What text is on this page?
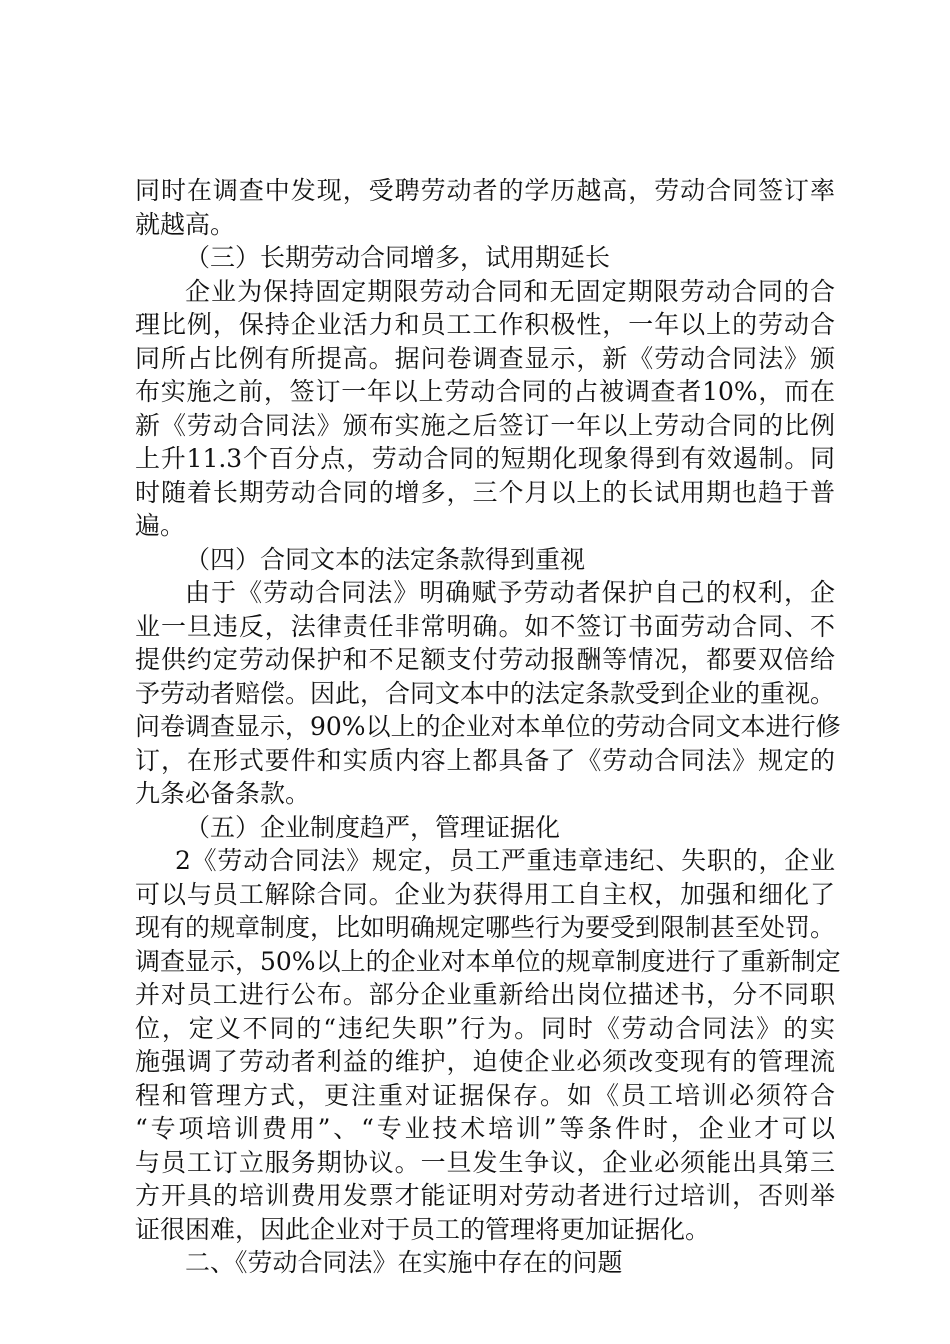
同时在调查中发现，受聘劳动者的学历越高，劳动合同签订率
就越高。
（三）长期劳动合同增多，试用期延长
企业为保持固定期限劳动合同和无固定期限劳动合同的合
理比例，保持企业活力和员工工作积极性，一年以上的劳动合
同所占比例有所提高。据问卷调查显示，新《劳动合同法》颁
布实施之前，签订一年以上劳动合同的占被调查者10%，而在
新《劳动合同法》颁布实施之后签订一年以上劳动合同的比例
上升11.3个百分点，劳动合同的短期化现象得到有效遏制。同
时随着长期劳动合同的增多，三个月以上的长试用期也趋于普
遍。
（四）合同文本的法定条款得到重视
由于《劳动合同法》明确赋予劳动者保护自己的权利，企
业一旦违反，法律责任非常明确。如不签订书面劳动合同、不
提供约定劳动保护和不足额支付劳动报酬等情况，都要双倍给
予劳动者赔偿。因此，合同文本中的法定条款受到企业的重视。
问卷调查显示，90%以上的企业对本单位的劳动合同文本进行修
订，在形式要件和实质内容上都具备了《劳动合同法》规定的
九条必备条款。
（五）企业制度趋严，管理证据化
2《劳动合同法》规定，员工严重违章违纪、失职的，企业
可以与员工解除合同。企业为获得用工自主权，加强和细化了
现有的规章制度，比如明确规定哪些行为要受到限制甚至处罚。
调查显示，50%以上的企业对本单位的规章制度进行了重新制定
并对员工进行公布。部分企业重新给出岗位描述书，分不同职
位，定义不同的“违纪失职”行为。同时《劳动合同法》的实
施强调了劳动者利益的维护，迫使企业必须改变现有的管理流
程和管理方式，更注重对证据保存。如《员工培训必须符合
“专项培训费用”、“专业技术培训”等条件时，企业才可以
与员工订立服务期协议。一旦发生争议，企业必须能出具第三
方开具的培训费用发票才能证明对劳动者进行过培训，否则举
证很困难，因此企业对于员工的管理将更加证据化。
二、《劳动合同法》在实施中存在的问题
